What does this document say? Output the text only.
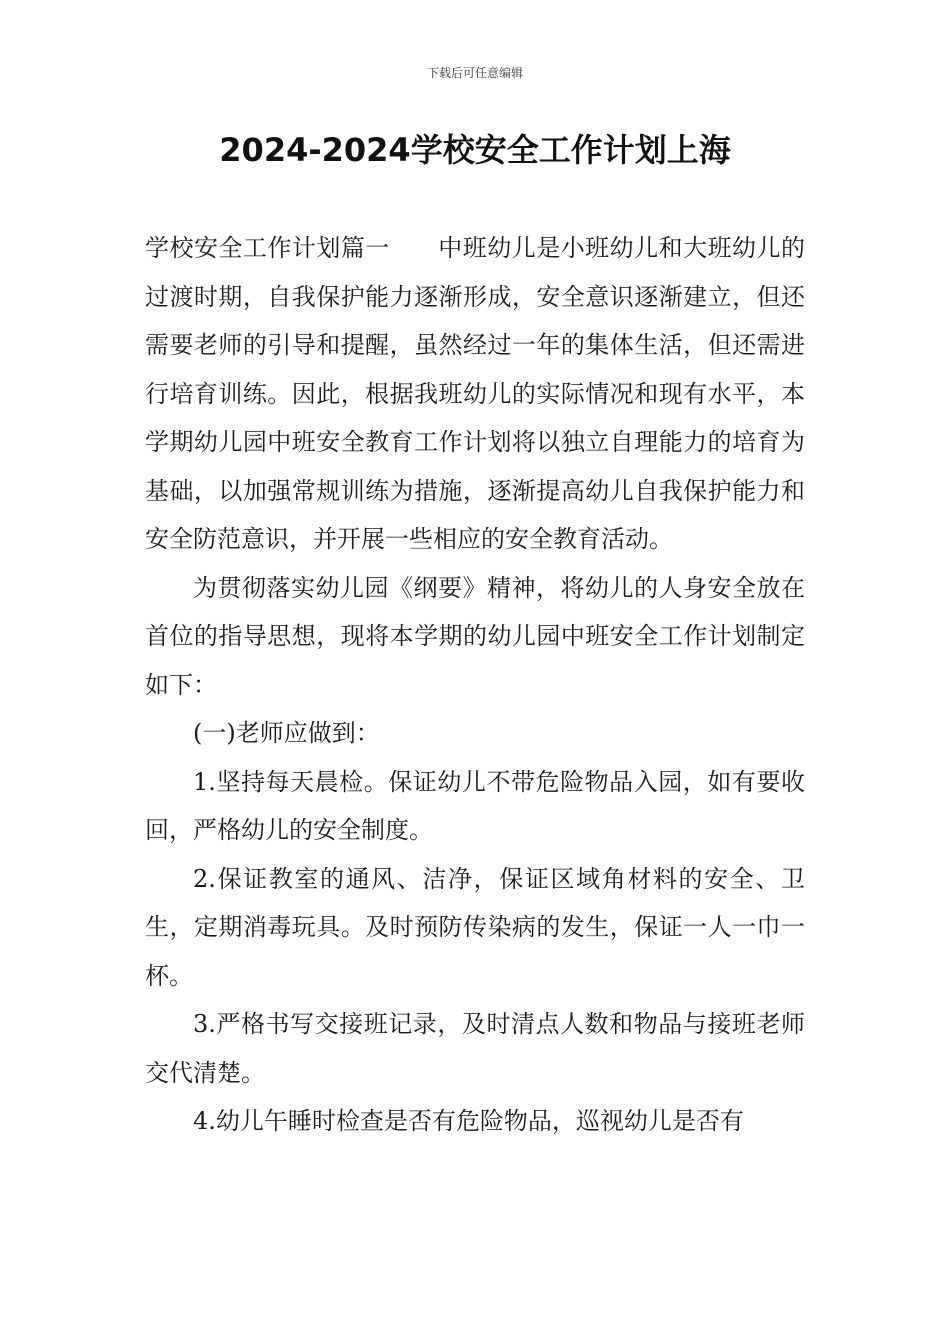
下载后可任意编辑
2024-2024学校安全工作计划上海

学校安全工作计划篇一 中班幼儿是小班幼儿和大班幼儿的过渡时期，自我保护能力逐渐形成，安全意识逐渐建立，但还需要老师的引导和提醒，虽然经过一年的集体生活，但还需进行培育训练。因此，根据我班幼儿的实际情况和现有水平，本学期幼儿园中班安全教育工作计划将以独立自理能力的培育为基础，以加强常规训练为措施，逐渐提高幼儿自我保护能力和安全防范意识，并开展一些相应的安全教育活动。

为贯彻落实幼儿园《纲要》精神，将幼儿的人身安全放在首位的指导思想，现将本学期的幼儿园中班安全工作计划制定如下：

(一)老师应做到：

1.坚持每天晨检。保证幼儿不带危险物品入园，如有要收回，严格幼儿的安全制度。

2.保证教室的通风、洁净，保证区域角材料的安全、卫生，定期消毒玩具。及时预防传染病的发生，保证一人一巾一杯。

3.严格书写交接班记录，及时清点人数和物品与接班老师交代清楚。

4.幼儿午睡时检查是否有危险物品，巡视幼儿是否有
